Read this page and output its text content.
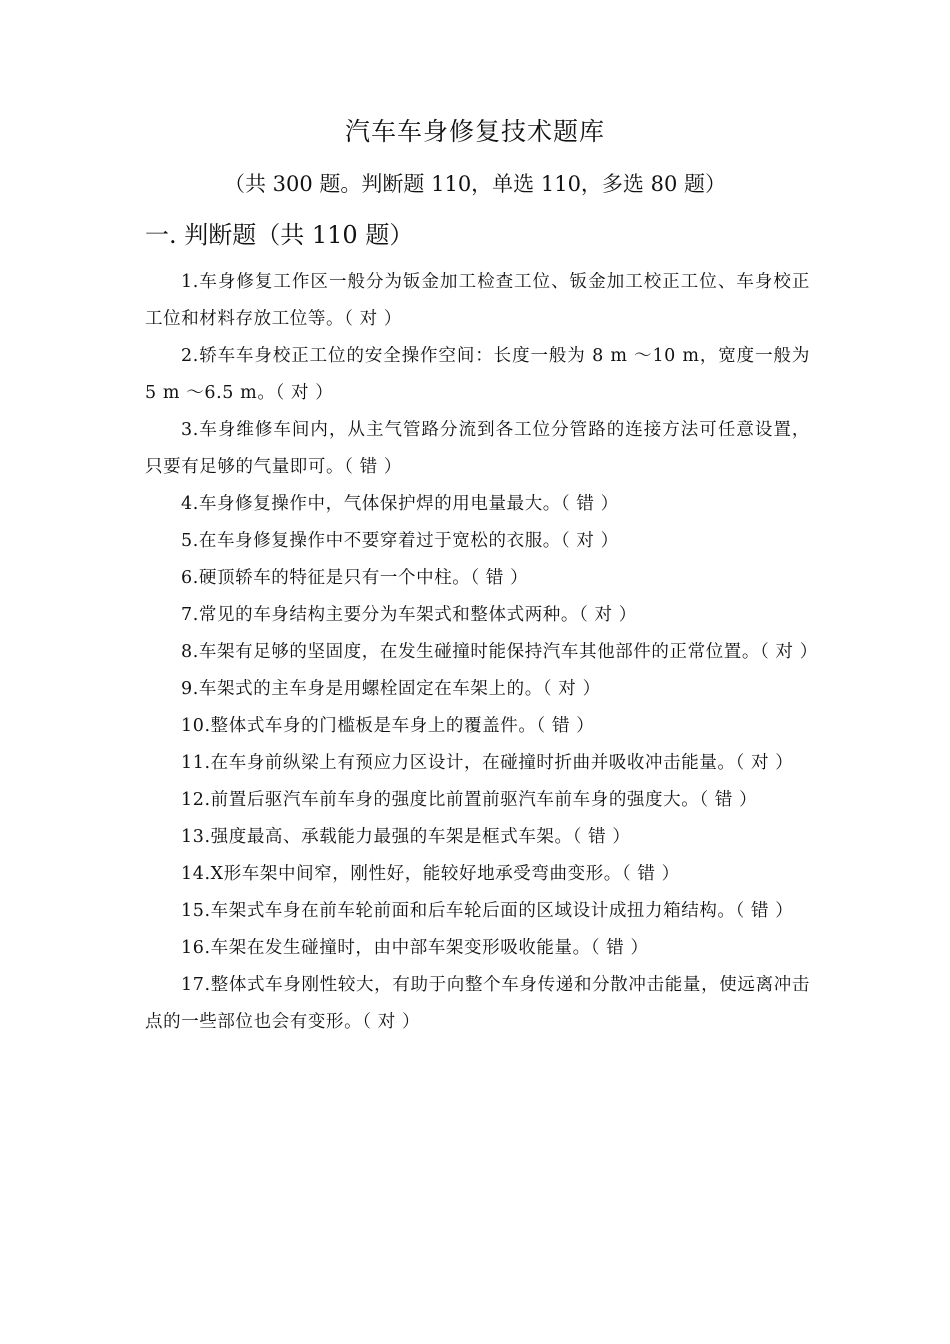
汽车车身修复技术题库
（共 300 题。判断题 110，单选 110，多选 80 题）
一. 判断题（共 110 题）

1.车身修复工作区一般分为钣金加工检查工位、钣金加工校正工位、车身校正工位和材料存放工位等。（ 对 ）

2.轿车车身校正工位的安全操作空间：长度一般为 8 m ～10 m，宽度一般为 5 m ～6.5 m。（ 对 ）

3.车身维修车间内，从主气管路分流到各工位分管路的连接方法可任意设置，只要有足够的气量即可。（ 错 ）

4.车身修复操作中，气体保护焊的用电量最大。（ 错 ）

5.在车身修复操作中不要穿着过于宽松的衣服。（ 对 ）

6.硬顶轿车的特征是只有一个中柱。（ 错 ）

7.常见的车身结构主要分为车架式和整体式两种。（ 对 ）

8.车架有足够的坚固度，在发生碰撞时能保持汽车其他部件的正常位置。（ 对 ）

9.车架式的主车身是用螺栓固定在车架上的。（ 对 ）

10.整体式车身的门槛板是车身上的覆盖件。（ 错 ）

11.在车身前纵梁上有预应力区设计，在碰撞时折曲并吸收冲击能量。（ 对 ）

12.前置后驱汽车前车身的强度比前置前驱汽车前车身的强度大。（ 错 ）

13.强度最高、承载能力最强的车架是框式车架。（ 错 ）

14.X形车架中间窄，刚性好，能较好地承受弯曲变形。（ 错 ）

15.车架式车身在前车轮前面和后车轮后面的区域设计成扭力箱结构。（ 错 ）

16.车架在发生碰撞时，由中部车架变形吸收能量。（ 错 ）

17.整体式车身刚性较大，有助于向整个车身传递和分散冲击能量，使远离冲击点的一些部位也会有变形。（ 对 ）
